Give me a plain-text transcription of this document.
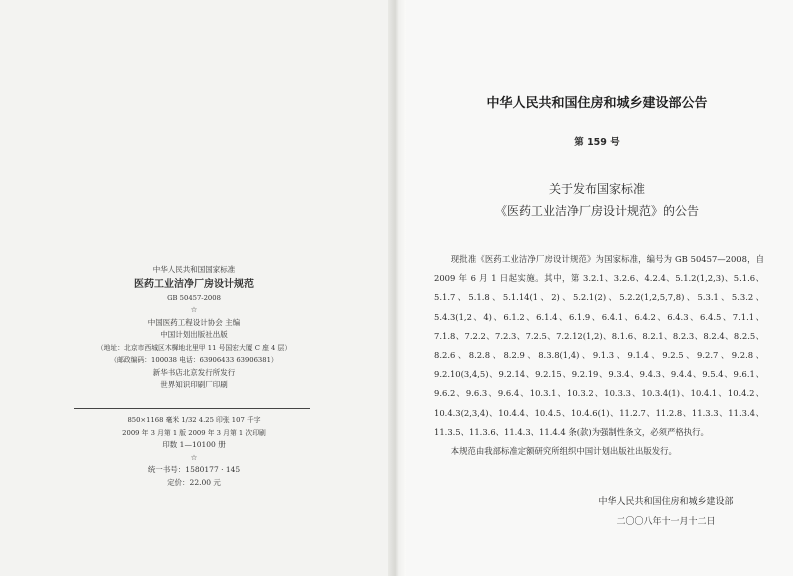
中华人民共和国国家标准
医药工业洁净厂房设计规范
GB 50457-2008
☆
中国医药工程设计协会 主编
中国计划出版社出版
（地址：北京市西城区木樨地北里甲 11 号国宏大厦 C 座 4 层）
（邮政编码：100038 电话：63906433 63906381）
新华书店北京发行所发行
世界知识印刷厂印刷
850×1168 毫米 1/32 4.25 印张 107 千字
2009 年 3 月第 1 版 2009 年 3 月第 1 次印刷
印数 1—10100 册
☆
统一书号：1580177 · 145
定价：22.00 元
中华人民共和国住房和城乡建设部公告
第 159 号
关于发布国家标准
《医药工业洁净厂房设计规范》的公告

现批准《医药工业洁净厂房设计规范》为国家标准，编号为 GB 50457—2008，自 2009 年 6 月 1 日起实施。其中，第 3.2.1、3.2.6、4.2.4、5.1.2(1,2,3)、5.1.6、5.1.7、5.1.8、5.1.14(1、2)、5.2.1(2)、5.2.2(1,2,5,7,8)、5.3.1、5.3.2、5.4.3(1,2、4)、6.1.2、6.1.4、6.1.9、6.4.1、6.4.2、6.4.3、6.4.5、7.1.1、7.1.8、7.2.2、7.2.3、7.2.5、7.2.12(1,2)、8.1.6、8.2.1、8.2.3、8.2.4、8.2.5、8.2.6、8.2.8、8.2.9、8.3.8(1,4)、9.1.3、9.1.4、9.2.5、9.2.7、9.2.8、9.2.10(3,4,5)、9.2.14、9.2.15、9.2.19、9.3.4、9.4.3、9.4.4、9.5.4、9.6.1、9.6.2、9.6.3、9.6.4、10.3.1、10.3.2、10.3.3、10.3.4(1)、10.4.1、10.4.2、10.4.3(2,3,4)、10.4.4、10.4.5、10.4.6(1)、11.2.7、11.2.8、11.3.3、11.3.4、11.3.5、11.3.6、11.4.3、11.4.4 条(款)为强制性条文，必须严格执行。

本规范由我部标准定额研究所组织中国计划出版社出版发行。

中华人民共和国住房和城乡建设部
二〇〇八年十一月十二日
